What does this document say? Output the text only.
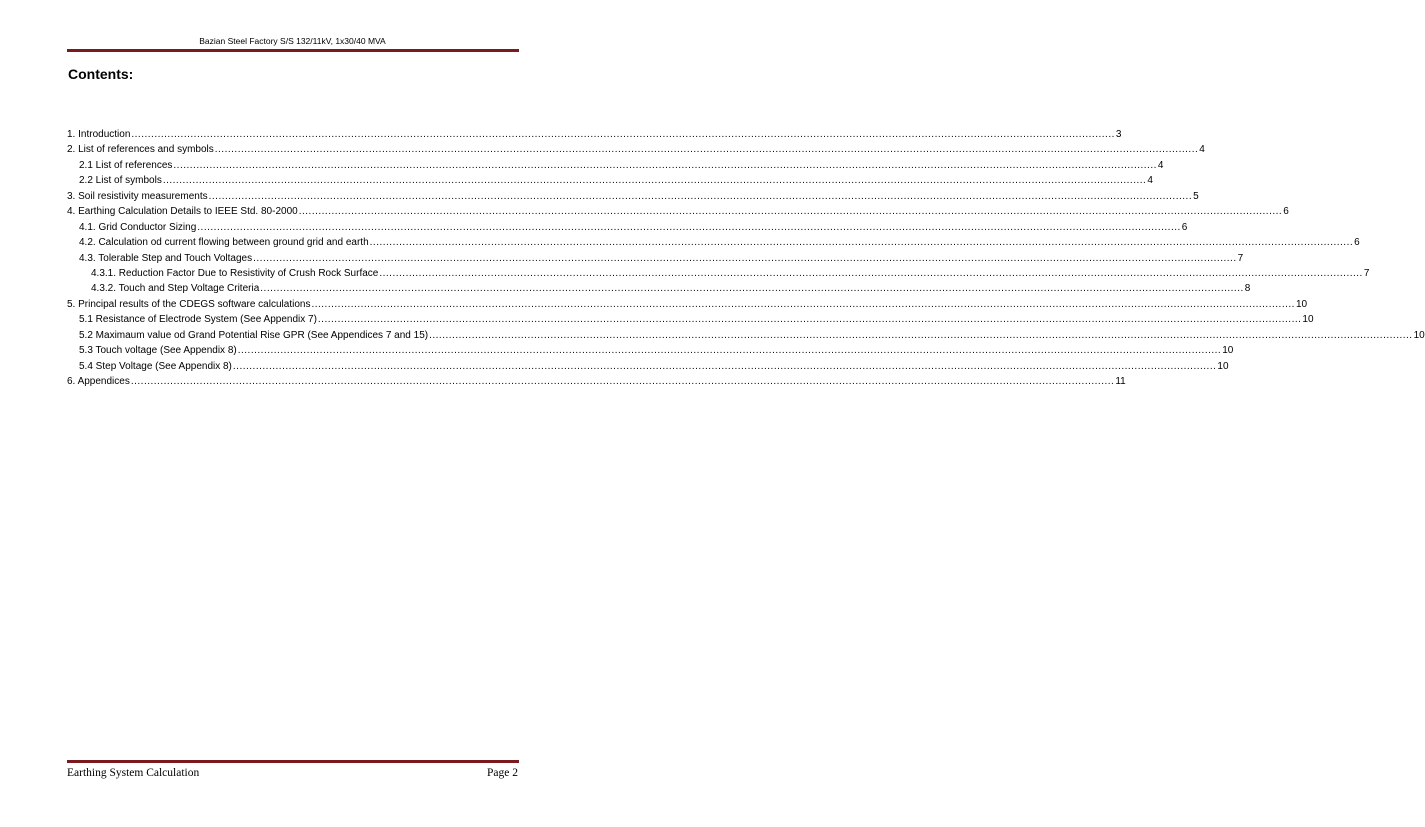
Bazian Steel Factory S/S 132/11kV, 1x30/40 MVA
Contents:
1. Introduction ............................................................................................................................................................................................................................................................................................................ 3
2. List of references and symbols ............................................................................................................................................................................................................................................................................................................ 4
2.1 List of references ............................................................................................................................................................................................................................................................................................................ 4
2.2 List of symbols ............................................................................................................................................................................................................................................................................................................ 4
3. Soil resistivity measurements ............................................................................................................................................................................................................................................................................................................ 5
4. Earthing Calculation Details to IEEE Std. 80-2000 ............................................................................................................................................................................................................................................................................................................ 6
4.1. Grid Conductor Sizing ............................................................................................................................................................................................................................................................................................................ 6
4.2. Calculation od current flowing between ground grid and earth ............................................................................................................................................................................................................................................................................................................ 6
4.3. Tolerable Step and Touch Voltages ............................................................................................................................................................................................................................................................................................................ 7
4.3.1. Reduction Factor Due to Resistivity of Crush Rock Surface ............................................................................................................................................................................................................................................................................................................ 7
4.3.2. Touch and Step Voltage Criteria ............................................................................................................................................................................................................................................................................................................ 8
5. Principal results of the CDEGS software calculations ............................................................................................................................................................................................................................................................................................................ 10
5.1 Resistance of Electrode System (See Appendix 7) ............................................................................................................................................................................................................................................................................................................ 10
5.2 Maximaum value od Grand Potential Rise GPR (See Appendices 7 and 15) ............................................................................................................................................................................................................................................................................................................ 10
5.3 Touch voltage (See Appendix 8) ............................................................................................................................................................................................................................................................................................................ 10
5.4 Step Voltage (See Appendix 8) ............................................................................................................................................................................................................................................................................................................ 10
6. Appendices ............................................................................................................................................................................................................................................................................................................ 11
Earthing System Calculation	Page 2
